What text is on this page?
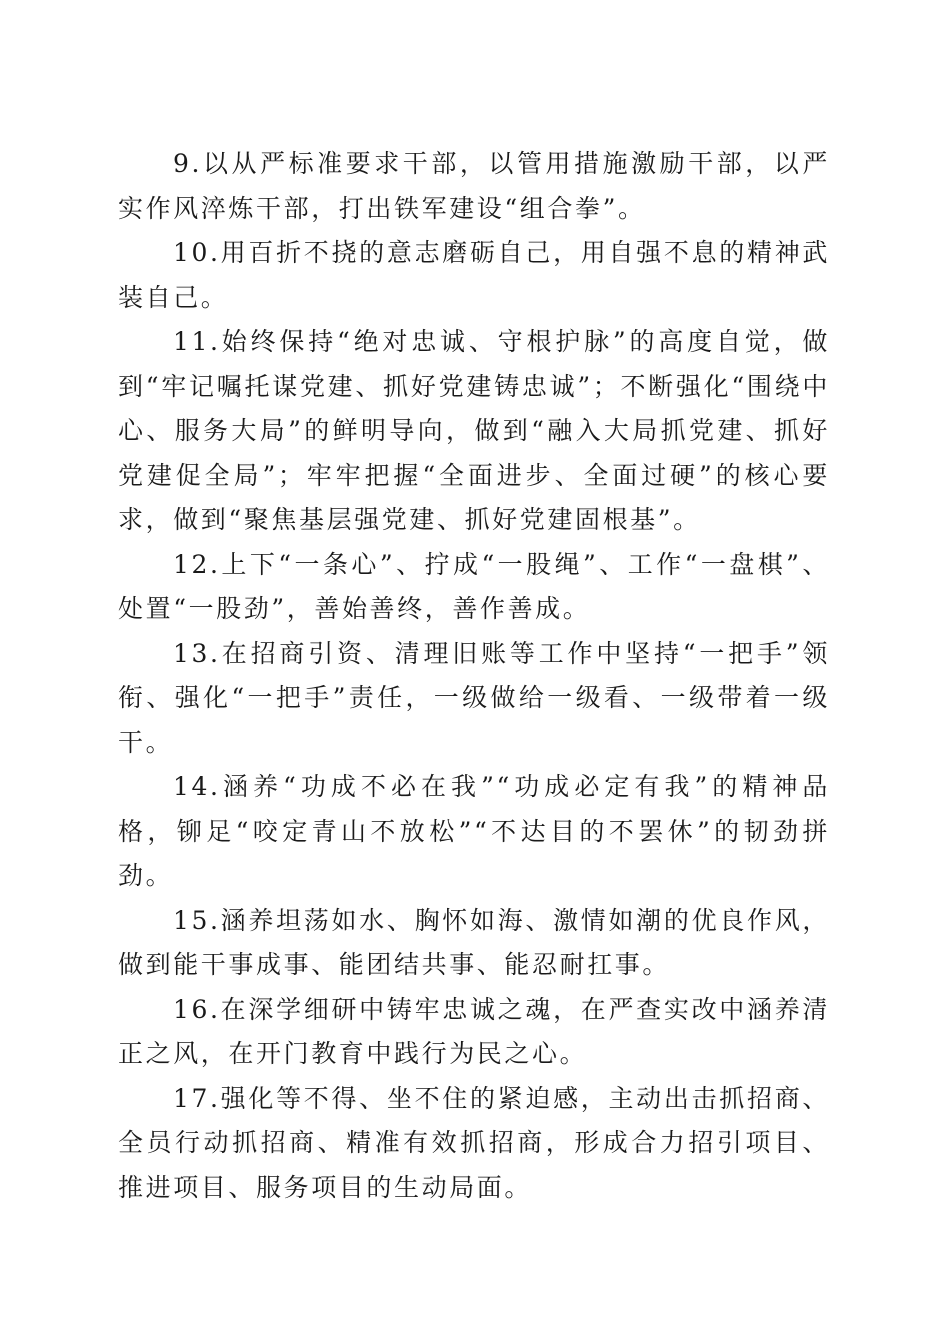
9.以从严标准要求干部，以管用措施激励干部，以严实作风淬炼干部，打出铁军建设“组合拳”。

10.用百折不挠的意志磨砺自己，用自强不息的精神武装自己。

11.始终保持“绝对忠诚、守根护脉”的高度自觉，做到“牢记嘱托谋党建、抓好党建铸忠诚”；不断强化“围绕中心、服务大局”的鲜明导向，做到“融入大局抓党建、抓好党建促全局”；牢牢把握“全面进步、全面过硬”的核心要求，做到“聚焦基层强党建、抓好党建固根基”。

12.上下“一条心”、拧成“一股绳”、工作“一盘棋”、处置“一股劲”，善始善终，善作善成。

13.在招商引资、清理旧账等工作中坚持“一把手”领衔、强化“一把手”责任，一级做给一级看、一级带着一级干。

14.涵养“功成不必在我”“功成必定有我”的精神品格，铆足“咬定青山不放松”“不达目的不罢休”的韧劲拼劲。

15.涵养坦荡如水、胸怀如海、激情如潮的优良作风，做到能干事成事、能团结共事、能忍耐扛事。

16.在深学细研中铸牢忠诚之魂，在严查实改中涵养清正之风，在开门教育中践行为民之心。

17.强化等不得、坐不住的紧迫感，主动出击抓招商、全员行动抓招商、精准有效抓招商，形成合力招引项目、推进项目、服务项目的生动局面。
